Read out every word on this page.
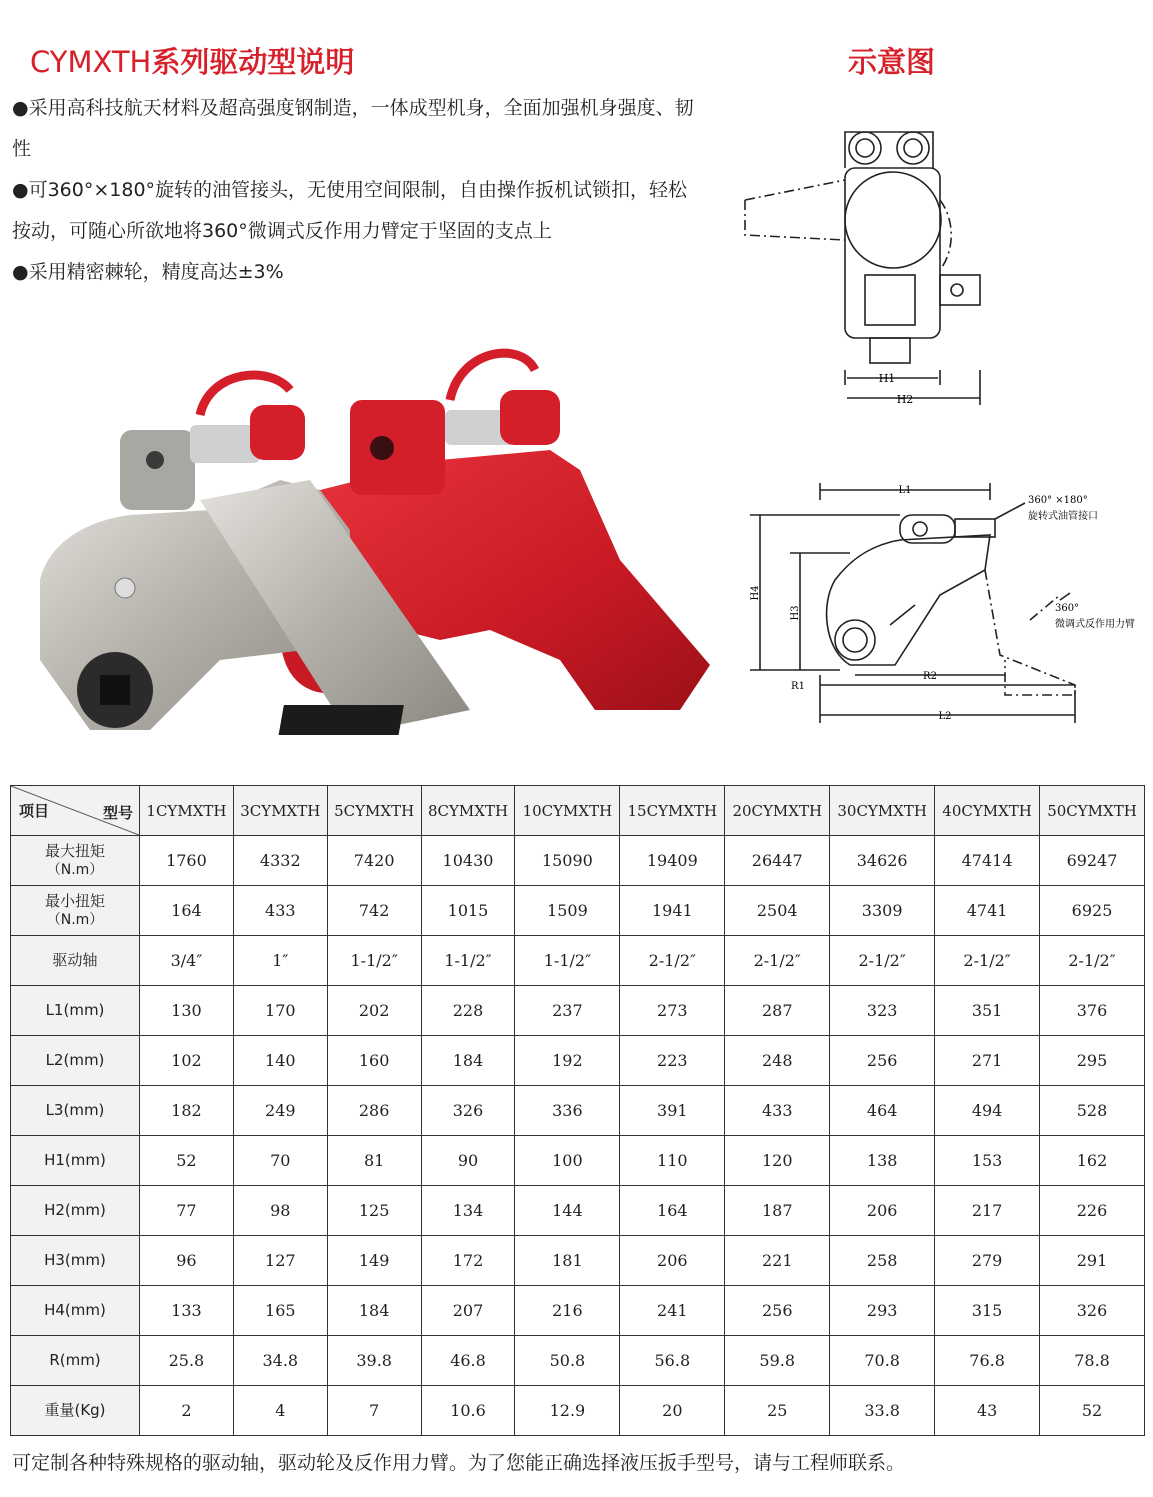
CYMXTH系列驱动型说明	示意图

●采用高科技航天材料及超高强度钢制造，一体成型机身，全面加强机身强度、韧性

●可360°×180°旋转的油管接头，无使用空间限制，自由操作扳机试锁扣，轻松按动，可随心所欲地将360°微调式反作用力臂定于坚固的支点上

●采用精密棘轮，精度高达±3%

H1
H2
L1
L2
H4
H3
R1
R2
360° ×180°
旋转式油管接口
360°
微调式反作用力臂
项目 型号	1CYMXTH	3CYMXTH	5CYMXTH	8CYMXTH	10CYMXTH	15CYMXTH	20CYMXTH	30CYMXTH	40CYMXTH	50CYMXTH

最大扭矩
（N.m）	1760	4332	7420	10430	15090	19409	26447	34626	47414	69247

最小扭矩
（N.m）	164	433	742	1015	1509	1941	2504	3309	4741	6925

驱动轴	3/4″	1″	1-1/2″	1-1/2″	1-1/2″	2-1/2″	2-1/2″	2-1/2″	2-1/2″	2-1/2″

L1(mm)	130	170	202	228	237	273	287	323	351	376

L2(mm)	102	140	160	184	192	223	248	256	271	295

L3(mm)	182	249	286	326	336	391	433	464	494	528

H1(mm)	52	70	81	90	100	110	120	138	153	162

H2(mm)	77	98	125	134	144	164	187	206	217	226

H3(mm)	96	127	149	172	181	206	221	258	279	291

H4(mm)	133	165	184	207	216	241	256	293	315	326

R(mm)	25.8	34.8	39.8	46.8	50.8	56.8	59.8	70.8	76.8	78.8

重量(Kg)	2	4	7	10.6	12.9	20	25	33.8	43	52
可定制各种特殊规格的驱动轴，驱动轮及反作用力臂。为了您能正确选择液压扳手型号，请与工程师联系。
